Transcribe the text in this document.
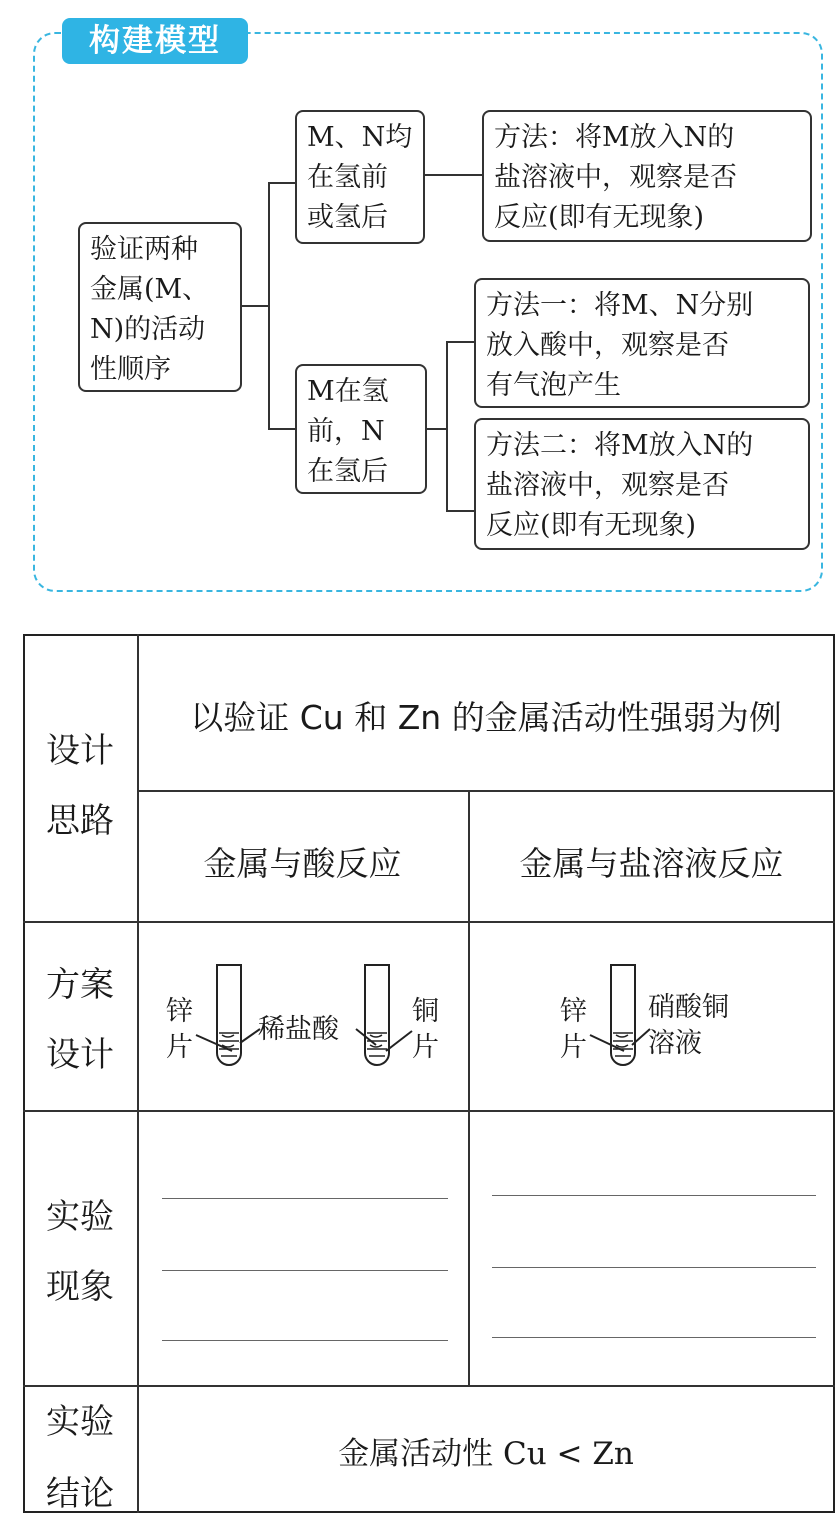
构建模型
验证两种
金属(M、
N)的活动
性顺序
M、N均
在氢前
或氢后
方法：将M放入N的
盐溶液中，观察是否
反应(即有无现象)
M在氢
前，N
在氢后
方法一：将M、N分别
放入酸中，观察是否
有气泡产生
方法二：将M放入N的
盐溶液中，观察是否
反应(即有无现象)
设计
思路
方案
设计
实验
现象
实验
结论
以验证 Cu 和 Zn 的金属活动性强弱为例
金属与酸反应	金属与盐溶液反应
锌
片
稀盐酸
铜
片
锌
片
硝酸铜
溶液
金属活动性 Cu < Zn
